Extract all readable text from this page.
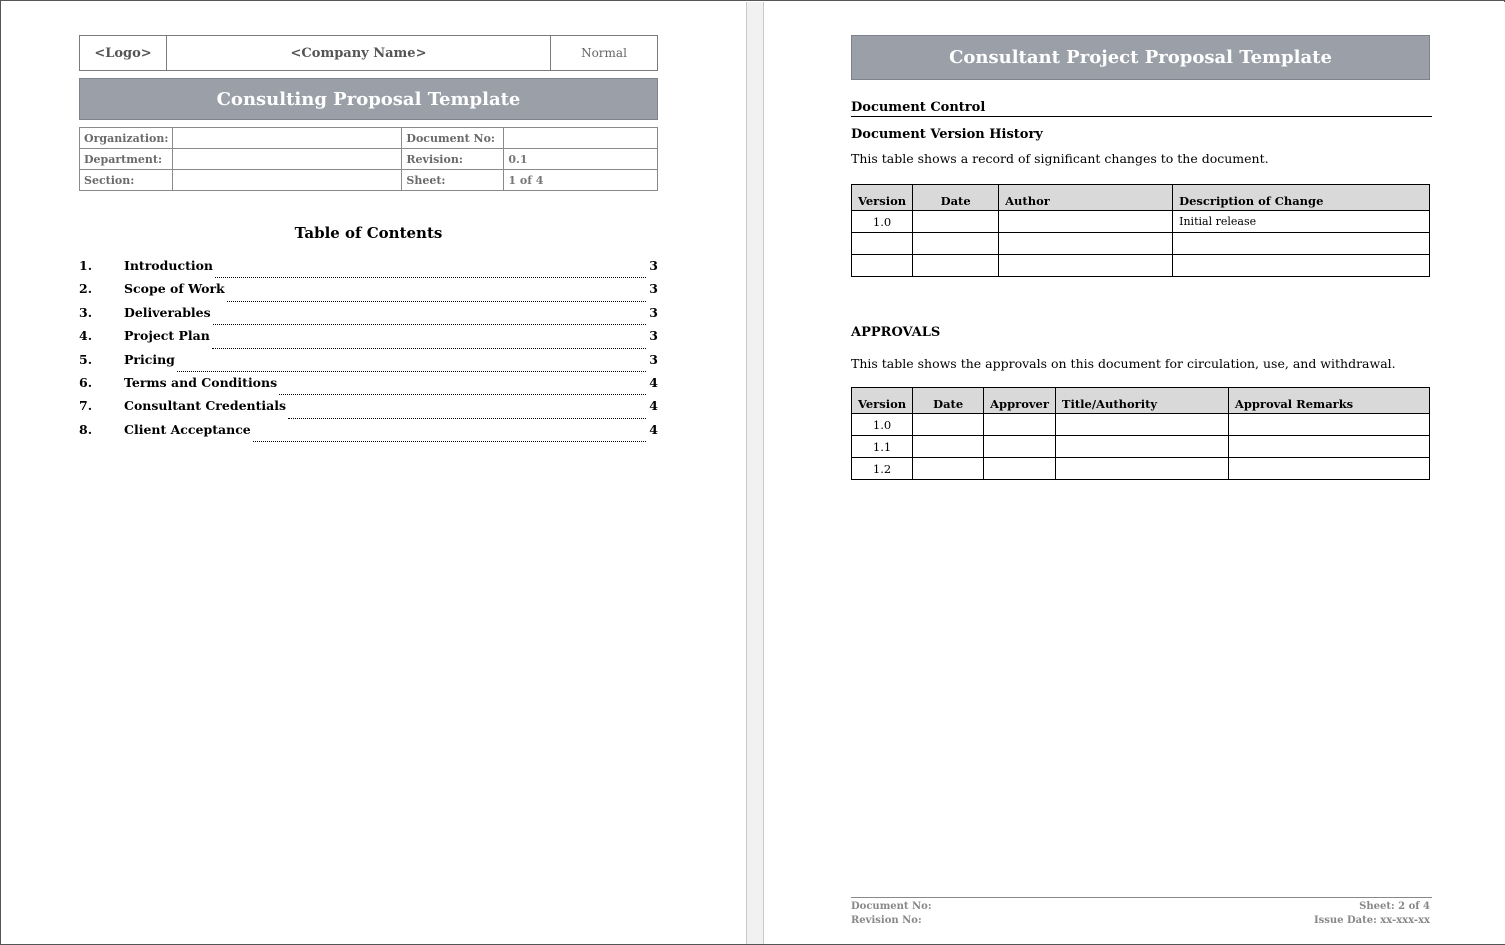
<Logo>	<Company Name>	Normal
Consulting Proposal Template
Organization:		Document No:	
Department:		Revision:	0.1
Section:		Sheet:	1 of 4
Table of Contents
1.	Introduction	3
2.	Scope of Work	3
3.	Deliverables	3
4.	Project Plan	3
5.	Pricing	3
6.	Terms and Conditions	4
7.	Consultant Credentials	4
8.	Client Acceptance	4
Consultant Project Proposal Template
Document Control
Document Version History
This table shows a record of significant changes to the document.
Version	Date	Author	Description of Change
1.0			Initial release

APPROVALS
This table shows the approvals on this document for circulation, use, and withdrawal.
Version	Date	Approver	Title/Authority	Approval Remarks
1.0				
1.1				
1.2				
Document No:
Revision No:
Sheet: 2 of 4
Issue Date: xx-xxx-xx
